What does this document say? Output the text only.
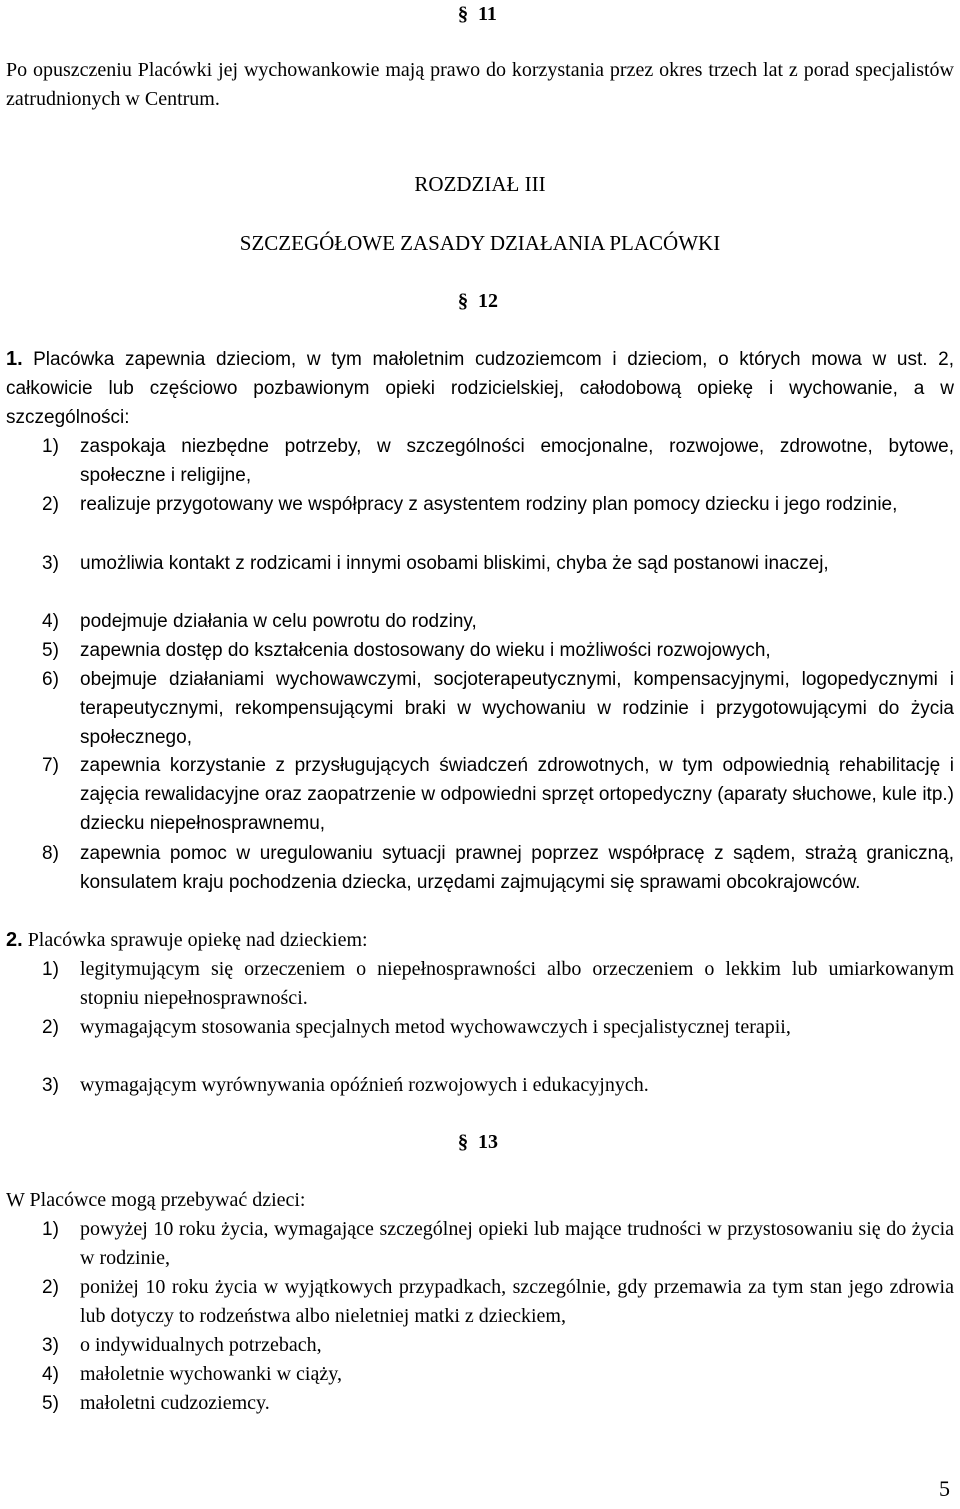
§ 11
Po opuszczeniu Placówki jej wychowankowie mają prawo do korzystania przez okres trzech lat z porad specjalistów zatrudnionych w Centrum.
ROZDZIAŁ III
SZCZEGÓŁOWE ZASADY DZIAŁANIA PLACÓWKI
§ 12
1. Placówka zapewnia dzieciom, w tym małoletnim cudzoziemcom i dzieciom, o których mowa w ust. 2, całkowicie lub częściowo pozbawionym opieki rodzicielskiej, całodobową opiekę i wychowanie, a w szczególności:
1)	zaspokaja niezbędne potrzeby, w szczególności emocjonalne, rozwojowe, zdrowotne, bytowe, społeczne i religijne,
2)	realizuje przygotowany we współpracy z asystentem rodziny plan pomocy dziecku i jego rodzinie,
3)	umożliwia kontakt z rodzicami i innymi osobami bliskimi, chyba że sąd postanowi inaczej,
4)	podejmuje działania w celu powrotu do rodziny,
5)	zapewnia dostęp do kształcenia dostosowany do wieku i możliwości rozwojowych,
6)	obejmuje działaniami wychowawczymi, socjoterapeutycznymi, kompensacyjnymi, logopedycznymi i terapeutycznymi, rekompensującymi braki w wychowaniu w rodzinie i przygotowującymi do życia społecznego,
7)	zapewnia korzystanie z przysługujących świadczeń zdrowotnych, w tym odpowiednią rehabilitację i zajęcia rewalidacyjne oraz zaopatrzenie w odpowiedni sprzęt ortopedyczny (aparaty słuchowe, kule itp.) dziecku niepełnosprawnemu,
8)	zapewnia pomoc w uregulowaniu sytuacji prawnej poprzez współpracę z sądem, strażą graniczną, konsulatem kraju pochodzenia dziecka, urzędami zajmującymi się sprawami obcokrajowców.
2. Placówka sprawuje opiekę nad dzieckiem:
1)	legitymującym się orzeczeniem o niepełnosprawności albo orzeczeniem o lekkim lub umiarkowanym stopniu niepełnosprawności.
2)	wymagającym stosowania specjalnych metod wychowawczych i specjalistycznej terapii,
3)	wymagającym wyrównywania opóźnień rozwojowych i edukacyjnych.
§ 13
W Placówce mogą przebywać dzieci:
1)	powyżej 10 roku życia, wymagające szczególnej opieki lub mające trudności w przystosowaniu się do życia w rodzinie,
2)	poniżej 10 roku życia w wyjątkowych przypadkach, szczególnie, gdy przemawia za tym stan jego zdrowia lub dotyczy to rodzeństwa albo nieletniej matki z dzieckiem,
3)	o indywidualnych potrzebach,
4)	małoletnie wychowanki w ciąży,
5)	małoletni cudzoziemcy.
5
